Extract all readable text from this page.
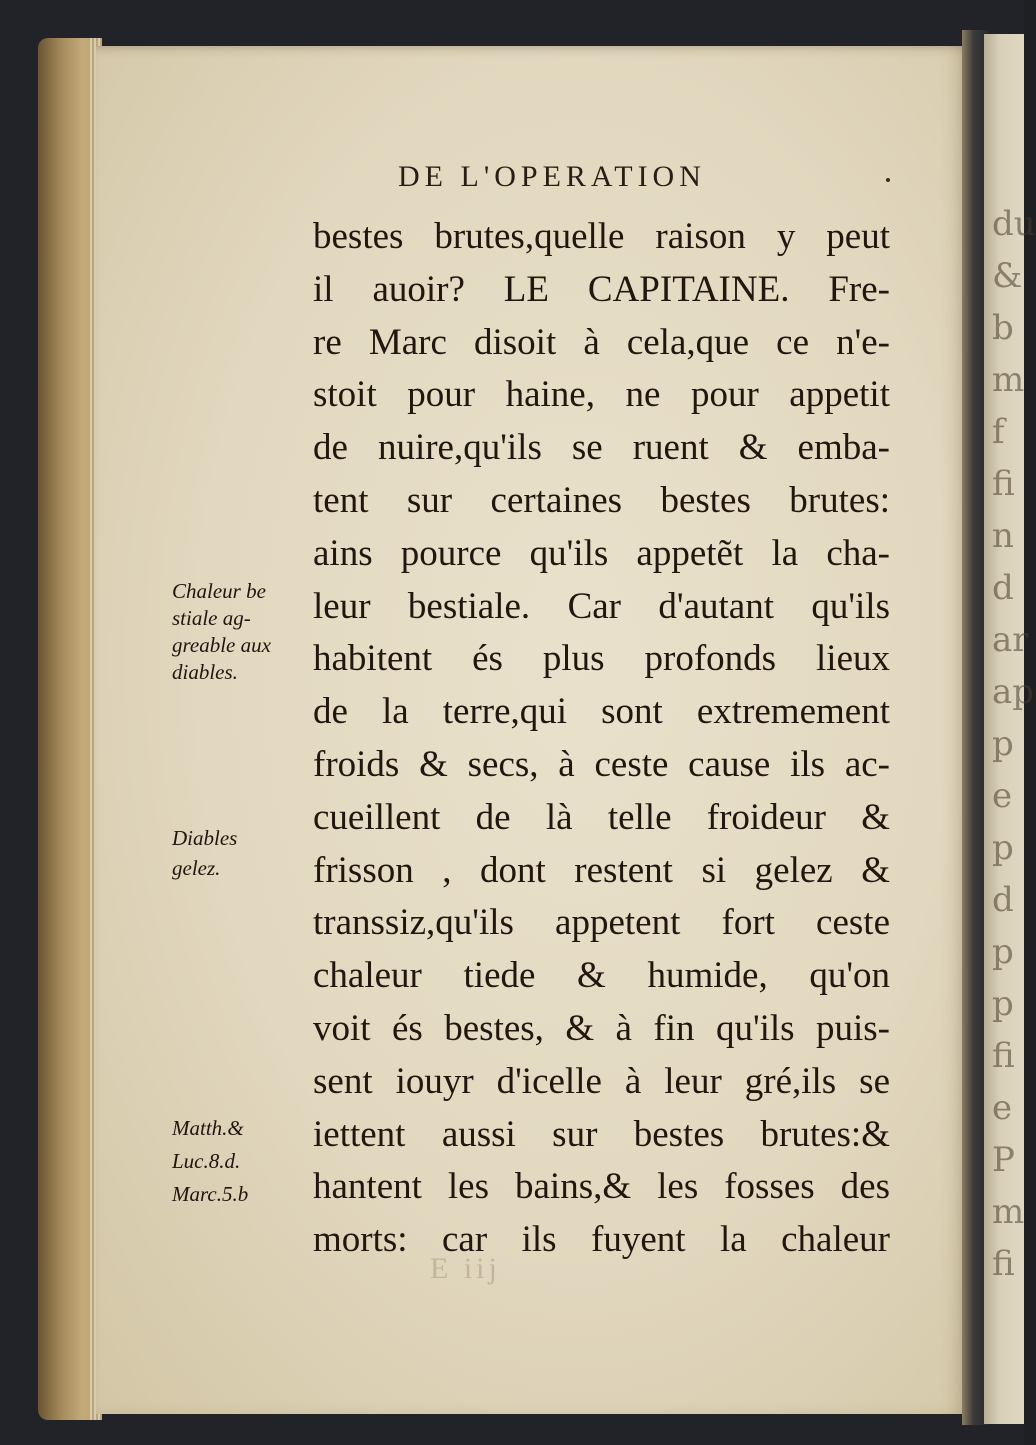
du
&
b
m
f
fi
n
d
ar
ap
p
e
p
d
p
p
fi
e
P
m
fi
DE L'OPERATION
bestes brutes,quelle raison y peut
il auoir? LE CAPITAINE. Fre-
re Marc disoit à cela,que ce n'e-
stoit pour haine, ne pour appetit
de nuire,qu'ils se ruent & emba-
tent sur certaines bestes brutes:
ains pource qu'ils appetẽt la cha-
leur bestiale. Car d'autant qu'ils
habitent és plus profonds lieux
de la terre,qui sont extremement
froids & secs, à ceste cause ils ac-
cueillent de là telle froideur &
frisson , dont restent si gelez &
transsiz,qu'ils appetent fort ceste
chaleur tiede & humide, qu'on
voit és bestes, & à fin qu'ils puis-
sent iouyr d'icelle à leur gré,ils se
iettent aussi sur bestes brutes:&
hantent les bains,& les fosses des
morts: car ils fuyent la chaleur
Chaleur be
stiale ag-
greable aux
diables.
Diables
gelez.
Matth.&
Luc.8.d.
Marc.5.b
E iij
